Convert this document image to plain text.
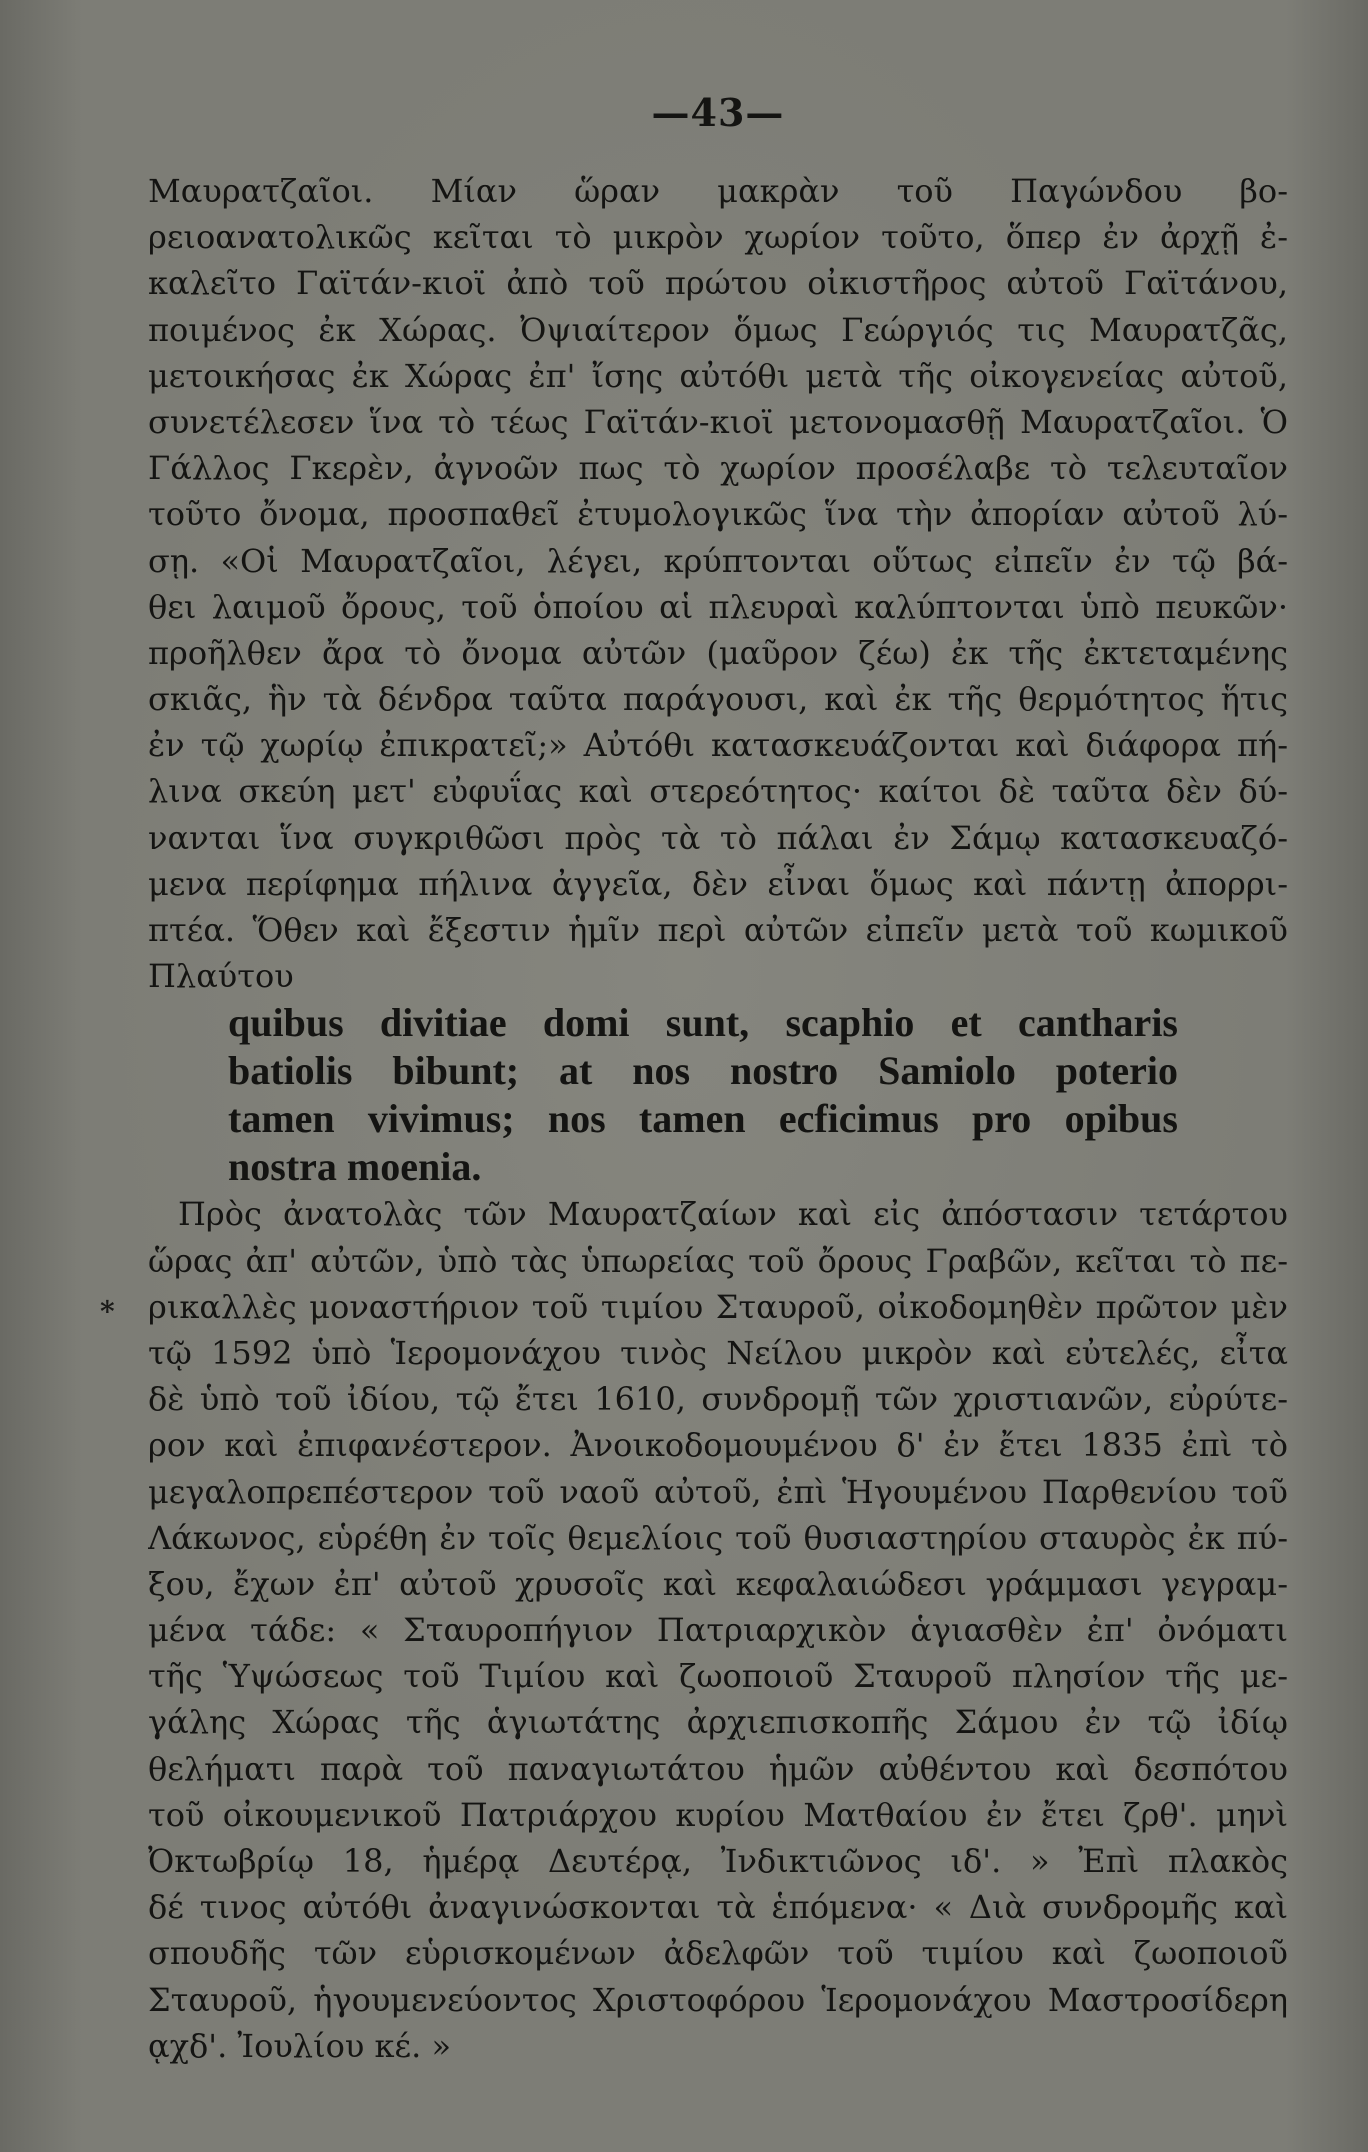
—43—
Μαυρατζαῖοι. Μίαν ὥραν μακρὰν τοῦ Παγώνδου βο-
ρειοανατολικῶς κεῖται τὸ μικρὸν χωρίον τοῦτο, ὅπερ ἐν ἀρχῇ ἐ-
καλεῖτο Γαϊτάν-κιοϊ ἀπὸ τοῦ πρώτου οἰκιστῆρος αὐτοῦ Γαϊτάνου,
ποιμένος ἐκ Χώρας. Ὀψιαίτερον ὅμως Γεώργιός τις Μαυρατζᾶς,
μετοικήσας ἐκ Χώρας ἐπ' ἴσης αὐτόθι μετὰ τῆς οἰκογενείας αὐτοῦ,
συνετέλεσεν ἵνα τὸ τέως Γαϊτάν-κιοϊ μετονομασθῇ Μαυρατζαῖοι. Ὁ
Γάλλος Γκερὲν, ἀγνοῶν πως τὸ χωρίον προσέλαβε τὸ τελευταῖον
τοῦτο ὄνομα, προσπαθεῖ ἐτυμολογικῶς ἵνα τὴν ἀπορίαν αὐτοῦ λύ-
σῃ. «Οἱ Μαυρατζαῖοι, λέγει, κρύπτονται οὕτως εἰπεῖν ἐν τῷ βά-
θει λαιμοῦ ὄρους, τοῦ ὁποίου αἱ πλευραὶ καλύπτονται ὑπὸ πευκῶν·
προῆλθεν ἄρα τὸ ὄνομα αὐτῶν (μαῦρον ζέω) ἐκ τῆς ἐκτεταμένης
σκιᾶς, ἣν τὰ δένδρα ταῦτα παράγουσι, καὶ ἐκ τῆς θερμότητος ἥτις
ἐν τῷ χωρίῳ ἐπικρατεῖ;» Αὐτόθι κατασκευάζονται καὶ διάφορα πή-
λινα σκεύη μετ' εὐφυΐας καὶ στερεότητος· καίτοι δὲ ταῦτα δὲν δύ-
νανται ἵνα συγκριθῶσι πρὸς τὰ τὸ πάλαι ἐν Σάμῳ κατασκευαζό-
μενα περίφημα πήλινα ἀγγεῖα, δὲν εἶναι ὅμως καὶ πάντῃ ἀπορρι-
πτέα. Ὅθεν καὶ ἔξεστιν ἡμῖν περὶ αὐτῶν εἰπεῖν μετὰ τοῦ κωμικοῦ
Πλαύτου
quibus divitiae domi sunt, scaphio et cantharis
batiolis bibunt; at nos nostro Samiolo poterio
tamen vivimus; nos tamen ecficimus pro opibus
nostra moenia.
Πρὸς ἀνατολὰς τῶν Μαυρατζαίων καὶ εἰς ἀπόστασιν τετάρτου
ὥρας ἀπ' αὐτῶν, ὑπὸ τὰς ὑπωρείας τοῦ ὄρους Γραβῶν, κεῖται τὸ πε-
ρικαλλὲς μοναστήριον τοῦ τιμίου Σταυροῦ, οἰκοδομηθὲν πρῶτον μὲν
τῷ 1592 ὑπὸ Ἱερομονάχου τινὸς Νείλου μικρὸν καὶ εὐτελές, εἶτα
δὲ ὑπὸ τοῦ ἰδίου, τῷ ἔτει 1610, συνδρομῇ τῶν χριστιανῶν, εὐρύτε-
ρον καὶ ἐπιφανέστερον. Ἀνοικοδομουμένου δ' ἐν ἔτει 1835 ἐπὶ τὸ
μεγαλοπρεπέστερον τοῦ ναοῦ αὐτοῦ, ἐπὶ Ἡγουμένου Παρθενίου τοῦ
Λάκωνος, εὑρέθη ἐν τοῖς θεμελίοις τοῦ θυσιαστηρίου σταυρὸς ἐκ πύ-
ξου, ἔχων ἐπ' αὐτοῦ χρυσοῖς καὶ κεφαλαιώδεσι γράμμασι γεγραμ-
μένα τάδε: « Σταυροπήγιον Πατριαρχικὸν ἁγιασθὲν ἐπ' ὀνόματι
τῆς Ὑψώσεως τοῦ Τιμίου καὶ ζωοποιοῦ Σταυροῦ πλησίον τῆς με-
γάλης Χώρας τῆς ἁγιωτάτης ἀρχιεπισκοπῆς Σάμου ἐν τῷ ἰδίῳ
θελήματι παρὰ τοῦ παναγιωτάτου ἡμῶν αὐθέντου καὶ δεσπότου
τοῦ οἰκουμενικοῦ Πατριάρχου κυρίου Ματθαίου ἐν ἔτει ζρθ'. μηνὶ
Ὀκτωβρίῳ 18, ἡμέρᾳ Δευτέρᾳ, Ἰνδικτιῶνος ιδ'. » Ἐπὶ πλακὸς
δέ τινος αὐτόθι ἀναγινώσκονται τὰ ἑπόμενα· « Διὰ συνδρομῆς καὶ
σπουδῆς τῶν εὑρισκομένων ἀδελφῶν τοῦ τιμίου καὶ ζωοποιοῦ
Σταυροῦ, ἡγουμενεύοντος Χριστοφόρου Ἱερομονάχου Μαστροσίδερη
ᾳχδ'. Ἰουλίου κέ. »
*
